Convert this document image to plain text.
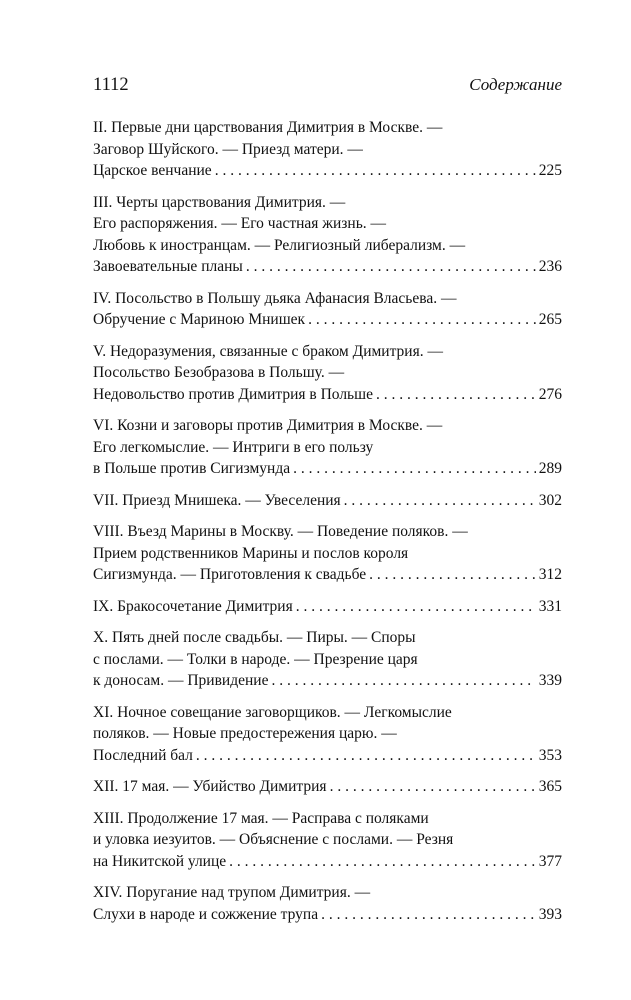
1112	Содержание
II. Первые дни царствования Димитрия в Москве. —
Заговор Шуйского. — Приезд матери. —
Царское венчание . . .	225
III. Черты царствования Димитрия. —
Его распоряжения. — Его частная жизнь. —
Любовь к иностранцам. — Религиозный либерализм. —
Завоевательные планы . . .	236
IV. Посольство в Польшу дьяка Афанасия Власьева. —
Обручение с Мариною Мнишек . . .	265
V. Недоразумения, связанные с браком Димитрия. —
Посольство Безобразова в Польшу. —
Недовольство против Димитрия в Польше . . .	276
VI. Козни и заговоры против Димитрия в Москве. —
Его легкомыслие. — Интриги в его пользу
в Польше против Сигизмунда . . .	289
VII. Приезд Мнишека. — Увеселения . . .	302
VIII. Въезд Марины в Москву. — Поведение поляков. —
Прием родственников Марины и послов короля
Сигизмунда. — Приготовления к свадьбе . . .	312
IX. Бракосочетание Димитрия . . .	331
X. Пять дней после свадьбы. — Пиры. — Споры
с послами. — Толки в народе. — Презрение царя
к доносам. — Привидение . . .	339
XI. Ночное совещание заговорщиков. — Легкомыслие
поляков. — Новые предостережения царю. —
Последний бал . . .	353
XII. 17 мая. — Убийство Димитрия . . .	365
XIII. Продолжение 17 мая. — Расправа с поляками
и уловка иезуитов. — Объяснение с послами. — Резня
на Никитской улице . . .	377
XIV. Поругание над трупом Димитрия. —
Слухи в народе и сожжение трупа . . .	393
